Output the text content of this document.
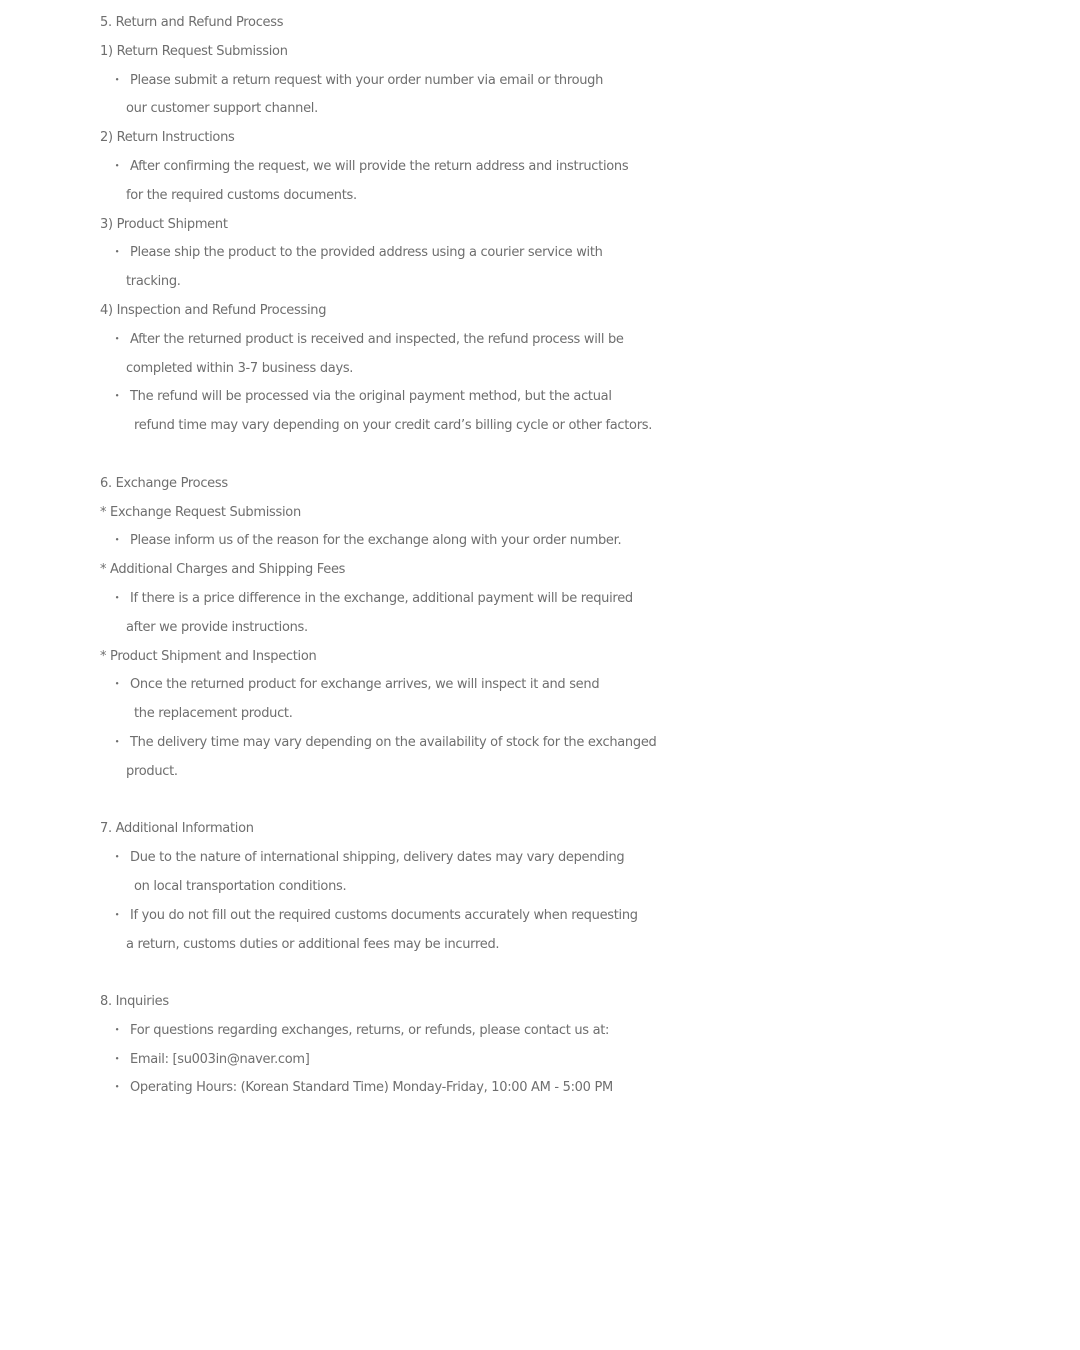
5. Return and Refund Process
1) Return Request Submission
・ Please submit a return request with your order number via email or through
our customer support channel.
2) Return Instructions
・ After confirming the request, we will provide the return address and instructions
for the required customs documents.
3) Product Shipment
・ Please ship the product to the provided address using a courier service with
tracking.
4) Inspection and Refund Processing
・ After the returned product is received and inspected, the refund process will be
completed within 3-7 business days.
・ The refund will be processed via the original payment method, but the actual
refund time may vary depending on your credit card’s billing cycle or other factors.
6. Exchange Process
* Exchange Request Submission
・ Please inform us of the reason for the exchange along with your order number.
* Additional Charges and Shipping Fees
・ If there is a price difference in the exchange, additional payment will be required
after we provide instructions.
* Product Shipment and Inspection
・ Once the returned product for exchange arrives, we will inspect it and send
the replacement product.
・ The delivery time may vary depending on the availability of stock for the exchanged
product.
7. Additional Information
・ Due to the nature of international shipping, delivery dates may vary depending
on local transportation conditions.
・ If you do not fill out the required customs documents accurately when requesting
a return, customs duties or additional fees may be incurred.
8. Inquiries
・ For questions regarding exchanges, returns, or refunds, please contact us at:
・ Email: [su003in@naver.com]
・ Operating Hours: (Korean Standard Time) Monday-Friday, 10:00 AM - 5:00 PM
